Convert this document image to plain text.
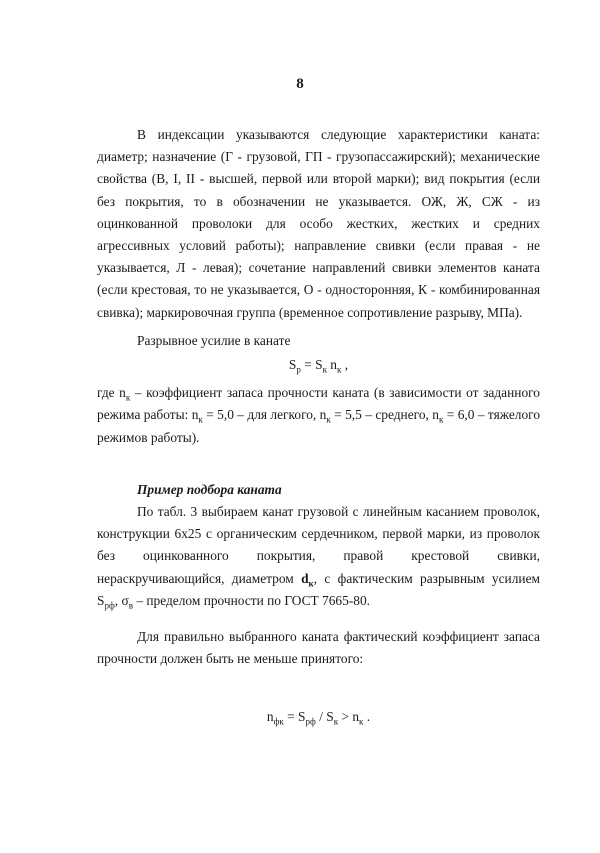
8
В индексации указываются следующие характеристики каната: диаметр; назначение (Г - грузовой, ГП - грузопассажирский); механические свойства (В, I, II - высшей, первой или второй марки); вид покрытия (если без покрытия, то в обозначении не указывается. ОЖ, Ж, СЖ - из оцинкованной проволоки для особо жестких, жестких и средних агрессивных условий работы); направление свивки (если правая - не указывается, Л - левая); сочетание направлений свивки элементов каната (если крестовая, то не указывается, О - односторонняя, К - комбинированная свивка); маркировочная группа (временное сопротивление разрыву, МПа).
Разрывное усилие в канате
$S_р = S_к$ $n_к$ ,
где $n_к$ – коэффициент запаса прочности каната (в зависимости от заданного режима работы: $n_к = 5,0$ – для легкого, $n_к = 5,5$ – среднего, $n_к = 6,0$ – тяжелого режимов работы).
Пример подбора каната
По табл. 3 выбираем канат грузовой с линейным касанием проволок, конструкции 6х25 с органическим сердечником, первой марки, из проволок без оцинкованного покрытия, правой крестовой свивки, нераскручивающийся, диаметром $d_к$, с фактическим разрывным усилием $S_{рф}$, $\sigma_в$ – пределом прочности по ГОСТ 7665-80.
Для правильно выбранного каната фактический коэффициент запаса прочности должен быть не меньше принятого:
$n_{фк} = S_{рф} / S_к > n_к$ .
